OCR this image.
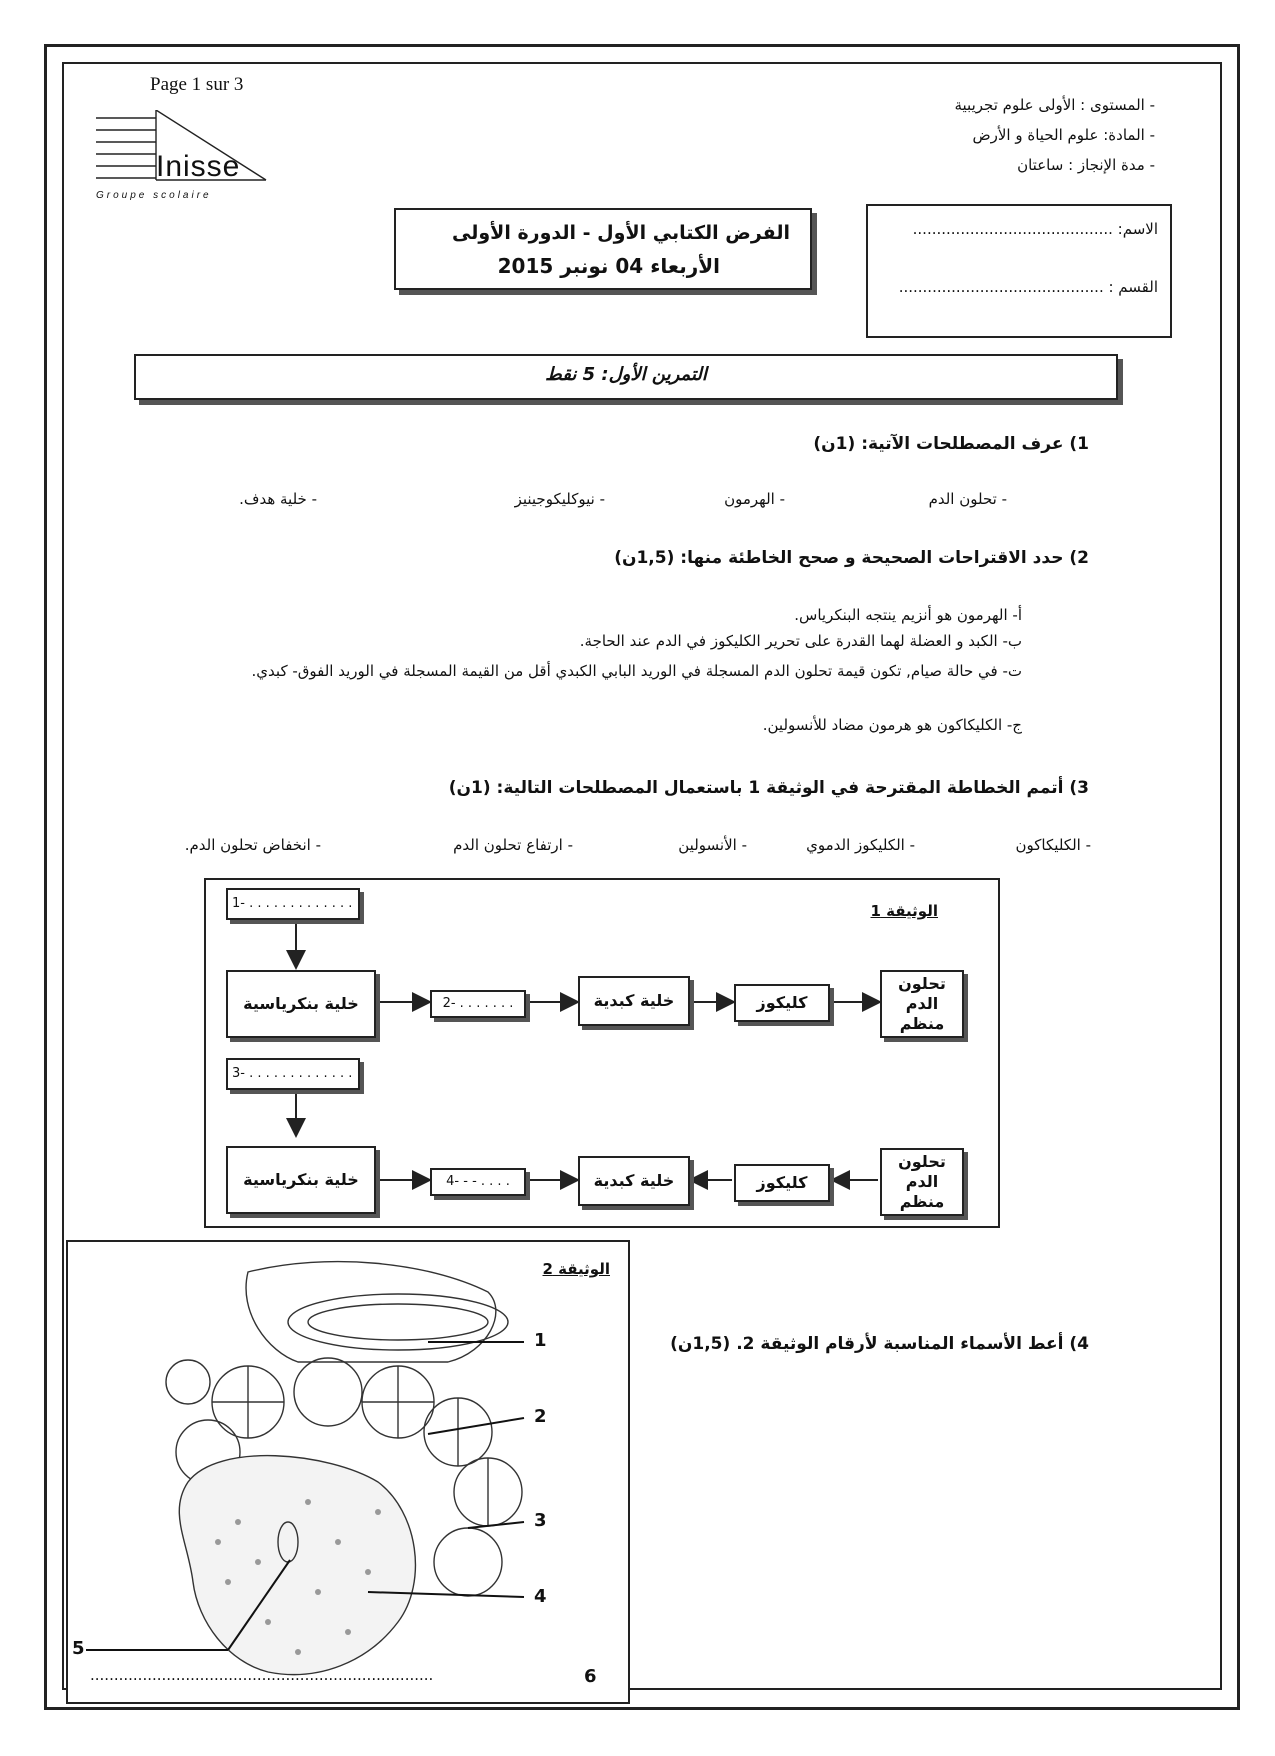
Page 1 sur 3
Inisse
Groupe scolaire
- المستوى : الأولى علوم تجريبية
- المادة: علوم الحياة و الأرض
- مدة الإنجاز : ساعتان
الفرض الكتابي الأول - الدورة الأولى
الأربعاء 04 نونبر 2015
الاسم: ..........................................
القسم : ...........................................
التمرين الأول: 5 نقط
1) عرف المصطلحات الآتية: (1ن)
- تحلون الدم
- الهرمون
- نيوكليكوجينيز
- خلية هدف.
2) حدد الاقتراحات الصحيحة و صحح الخاطئة منها: (1,5ن)
أ- الهرمون هو أنزيم ينتجه البنكرياس.
ب- الكبد و العضلة لهما القدرة على تحرير الكليكوز في الدم عند الحاجة.
ت- في حالة صيام, تكون قيمة تحلون الدم المسجلة في الوريد البابي الكبدي أقل من القيمة المسجلة في الوريد الفوق- كبدي.
ج- الكليكاكون هو هرمون مضاد للأنسولين.
3) أتمم الخطاطة المقترحة في الوثيقة 1 باستعمال المصطلحات التالية: (1ن)
- الكليكاكون
- الكليكوز الدموي
- الأنسولين
- ارتفاع تحلون الدم
- انخفاض تحلون الدم.
الوثيقة 1
1- . . . . . . . . . . . . .
خلية بنكرياسية	2- . . . . . . .	خلية كبدية	كليكوز
تحلون الدم منظم
3- . . . . . . . . . . . . .
خلية بنكرياسية	4- - - . . . .	خلية كبدية	كليكوز
تحلون الدم منظم
الوثيقة 2
1
2
3
4
5
........................................................................	6
4) أعط الأسماء المناسبة لأرقام الوثيقة 2. (1,5ن)
